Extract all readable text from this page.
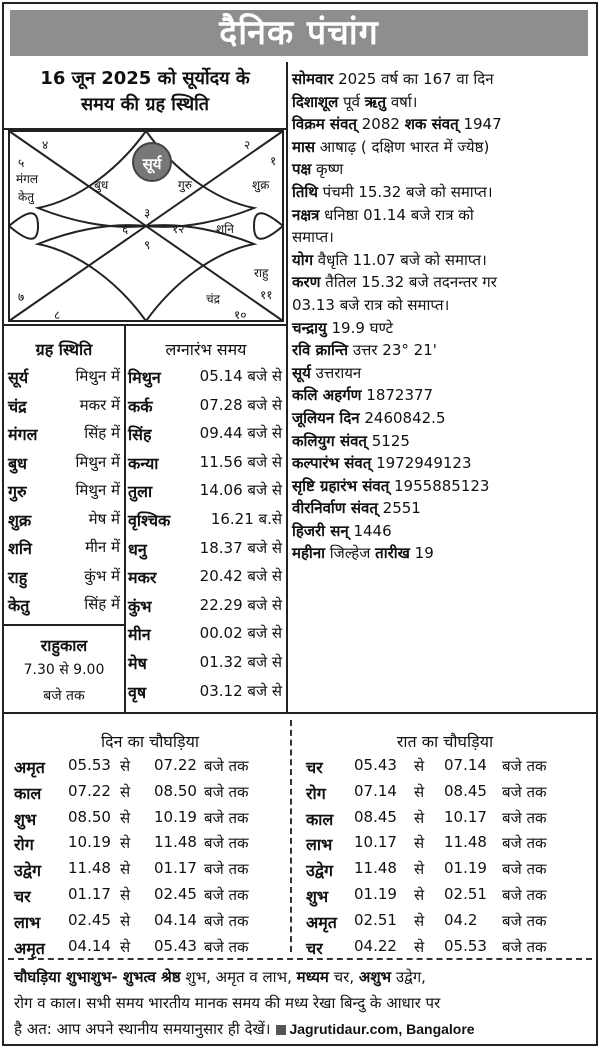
दैनिक पंचांग
16 जून 2025 को सूर्योदय के
समय की ग्रह स्थिति
सूर्य
४	२
१
५
मंगल
केतु
बुध	गुरु	शुक्र
३
६	१२	शनि
९
राहु
७	११
८
चंद्र
१०
सोमवार 2025 वर्ष का 167 वा दिन
दिशाशूल पूर्व ऋतु वर्षा।
विक्रम संवत् 2082 शक संवत् 1947
मास आषाढ़ ( दक्षिण भारत में ज्येष्ठ)
पक्ष कृष्ण
तिथि पंचमी 15.32 बजे को समाप्त।
नक्षत्र धनिष्ठा 01.14 बजे रात्र को
समाप्त।
योग वैधृति 11.07 बजे को समाप्त।
करण तैतिल 15.32 बजे तदनन्तर गर
03.13 बजे रात्र को समाप्त।
चन्द्रायु 19.9 घण्टे
रवि क्रान्ति उत्तर 23° 21'
सूर्य उत्तरायन
कलि अहर्गण 1872377
जूलियन दिन 2460842.5
कलियुग संवत् 5125
कल्पारंभ संवत् 1972949123
सृष्टि ग्रहारंभ संवत् 1955885123
वीरनिर्वाण संवत् 2551
हिजरी सन् 1446
महीना जिल्हेज तारीख 19
ग्रह स्थिति
सूर्य	मिथुन में
चंद्र	मकर में
मंगल	सिंह में
बुध	मिथुन में
गुरु	मिथुन में
शुक्र	मेष में
शनि	मीन में
राहु	कुंभ में
केतु	सिंह में
राहुकाल
7.30 से 9.00
बजे तक
लग्नारंभ समय
मिथुन	05.14 बजे से
कर्क	07.28 बजे से
सिंह	09.44 बजे से
कन्या	11.56 बजे से
तुला	14.06 बजे से
वृश्चिक	16.21 ब.से
धनु	18.37 बजे से
मकर	20.42 बजे से
कुंभ	22.29 बजे से
मीन	00.02 बजे से
मेष	01.32 बजे से
वृष	03.12 बजे से
दिन का चौघड़िया	रात का चौघड़िया
अमृत 05.53 से 07.22 बजे तक
काल 07.22 से 08.50 बजे तक
शुभ 08.50 से 10.19 बजे तक
रोग 10.19 से 11.48 बजे तक
उद्वेग 11.48 से 01.17 बजे तक
चर 01.17 से 02.45 बजे तक
लाभ 02.45 से 04.14 बजे तक
अमृत 04.14 से 05.43 बजे तक
चर 05.43 से 07.14 बजे तक
रोग 07.14 से 08.45 बजे तक
काल 08.45 से 10.17 बजे तक
लाभ 10.17 से 11.48 बजे तक
उद्वेग 11.48 से 01.19 बजे तक
शुभ 01.19 से 02.51 बजे तक
अमृत 02.51 से 04.2 बजे तक
चर 04.22 से 05.53 बजे तक
चौघड़िया शुभाशुभ- शुभत्व श्रेष्ठ शुभ, अमृत व लाभ, मध्यम चर, अशुभ उद्वेग,
रोग व काल। सभी समय भारतीय मानक समय की मध्य रेखा बिन्दु के आधार पर
है अत: आप अपने स्थानीय समयानुसार ही देखें। Jagrutidaur.com, Bangalore
